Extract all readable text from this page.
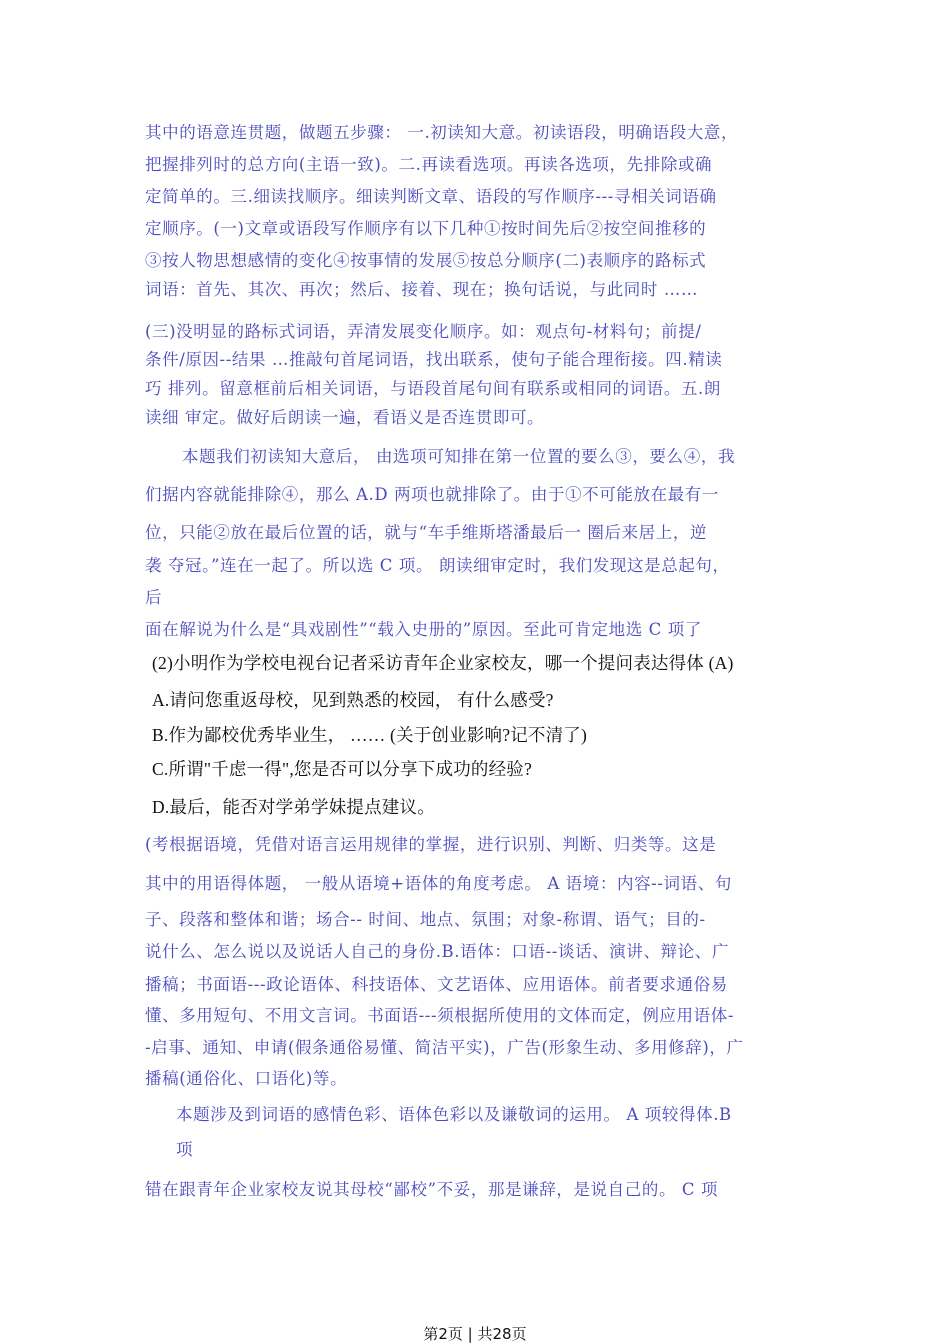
其中的语意连贯题，做题五步骤： 一.初读知大意。初读语段，明确语段大意，
把握排列时的总方向(主语一致)。二.再读看选项。再读各选项，先排除或确
定简单的。三.细读找顺序。细读判断文章、语段的写作顺序---寻相关词语确
定顺序。(一)文章或语段写作顺序有以下几种①按时间先后②按空间推移的
③按人物思想感情的变化④按事情的发展⑤按总分顺序(二)表顺序的路标式
词语：首先、其次、再次；然后、接着、现在；换句话说，与此同时 ……
(三)没明显的路标式词语，弄清发展变化顺序。如：观点句-材料句；前提/
条件/原因--结果 …推敲句首尾词语，找出联系，使句子能合理衔接。四.精读
巧 排列。留意框前后相关词语，与语段首尾句间有联系或相同的词语。五.朗
读细 审定。做好后朗读一遍，看语义是否连贯即可。
本题我们初读知大意后， 由选项可知排在第一位置的要么③，要么④，我
们据内容就能排除④，那么 A.D 两项也就排除了。由于①不可能放在最有一
位，只能②放在最后位置的话，就与“车手维斯塔潘最后一 圈后来居上，逆
袭 夺冠。”连在一起了。所以选 C 项。 朗读细审定时，我们发现这是总起句，
后
面在解说为什么是“具戏剧性”“载入史册的”原因。至此可肯定地选 C 项了
(2)小明作为学校电视台记者采访青年企业家校友，哪一个提问表达得体 (A)
A.请问您重返母校，见到熟悉的校园， 有什么感受?
B.作为鄙校优秀毕业生， …… (关于创业影响?记不清了)
C.所谓"千虑一得",您是否可以分享下成功的经验?
D.最后，能否对学弟学妹提点建议。
(考根据语境，凭借对语言运用规律的掌握，进行识别、判断、归类等。这是
其中的用语得体题， 一般从语境+语体的角度考虑。 A 语境：内容--词语、句
子、段落和整体和谐；场合-- 时间、地点、氛围；对象-称谓、语气；目的-
说什么、怎么说以及说话人自己的身份.B.语体：口语--谈话、演讲、辩论、广
播稿；书面语---政论语体、科技语体、文艺语体、应用语体。前者要求通俗易
懂、多用短句、不用文言词。书面语---须根据所使用的文体而定，例应用语体-
-启事、通知、申请(假条通俗易懂、简洁平实)，广告(形象生动、多用修辞)，广
播稿(通俗化、口语化)等。
本题涉及到词语的感情色彩、语体色彩以及谦敬词的运用。 A 项较得体.B
项
错在跟青年企业家校友说其母校“鄙校”不妥，那是谦辞，是说自己的。 C 项
第2页 | 共28页
